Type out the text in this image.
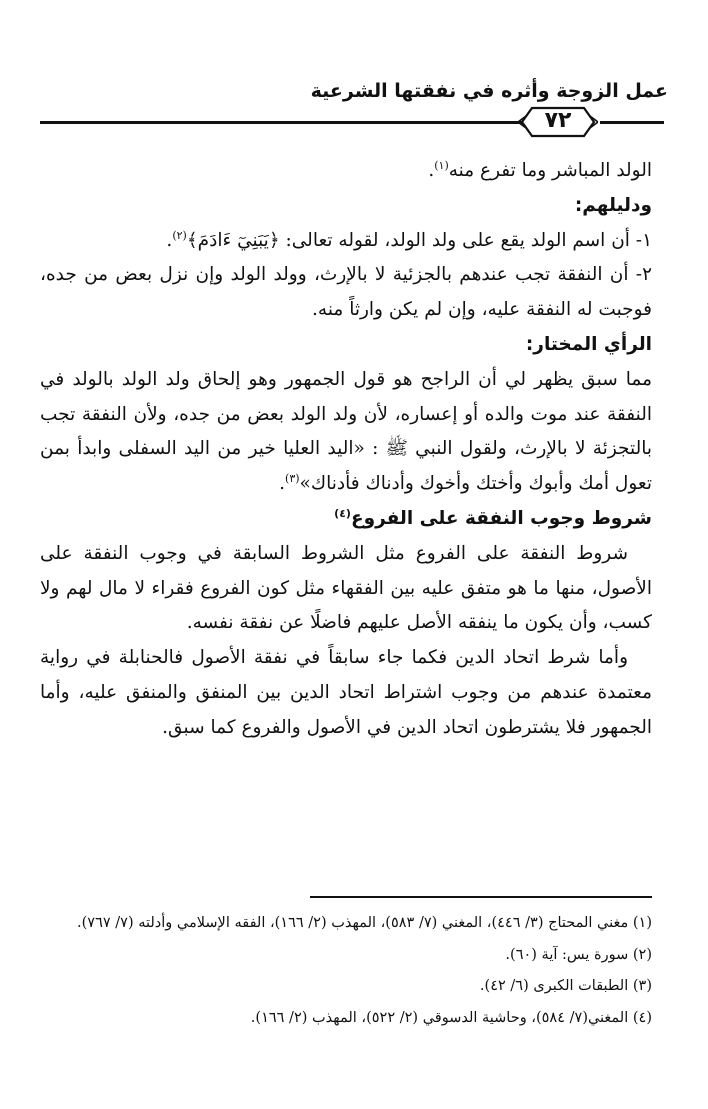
عمل الزوجة وأثره في نفقتها الشرعية
٧٢

الولد المباشر وما تفرع منه$^{(١)}$.

ودليلهم:

١- أن اسم الولد يقع على ولد الولد، لقوله تعالى: ﴿يَبَنِيٓ ءَادَمَ﴾$^{(٢)}$.

٢- أن النفقة تجب عندهم بالجزئية لا بالإرث، وولد الولد وإن نزل بعض من جده، فوجبت له النفقة عليه، وإن لم يكن وارثاً منه.

الرأي المختار:

مما سبق يظهر لي أن الراجح هو قول الجمهور وهو إلحاق ولد الولد بالولد في النفقة عند موت والده أو إعساره، لأن ولد الولد بعض من جده، ولأن النفقة تجب بالتجزئة لا بالإرث، ولقول النبي ﷺ : «اليد العليا خير من اليد السفلى وابدأ بمن تعول أمك وأبوك وأختك وأخوك وأدناك فأدناك»$^{(٣)}$.

شروط وجوب النفقة على الفروع$^{(٤)}$

شروط النفقة على الفروع مثل الشروط السابقة في وجوب النفقة على الأصول، منها ما هو متفق عليه بين الفقهاء مثل كون الفروع فقراء لا مال لهم ولا كسب، وأن يكون ما ينفقه الأصل عليهم فاضلًا عن نفقة نفسه.

وأما شرط اتحاد الدين فكما جاء سابقاً في نفقة الأصول فالحنابلة في رواية معتمدة عندهم من وجوب اشتراط اتحاد الدين بين المنفق والمنفق عليه، وأما الجمهور فلا يشترطون اتحاد الدين في الأصول والفروع كما سبق.

(١) مغني المحتاج (٣/ ٤٤٦)، المغني (٧/ ٥٨٣)، المهذب (٢/ ١٦٦)، الفقه الإسلامي وأدلته (٧/ ٧٦٧).

(٢) سورة يس: آية (٦٠).

(٣) الطبقات الكبرى (٦/ ٤٢).

(٤) المغني(٧/ ٥٨٤)، وحاشية الدسوقي (٢/ ٥٢٢)، المهذب (٢/ ١٦٦).
